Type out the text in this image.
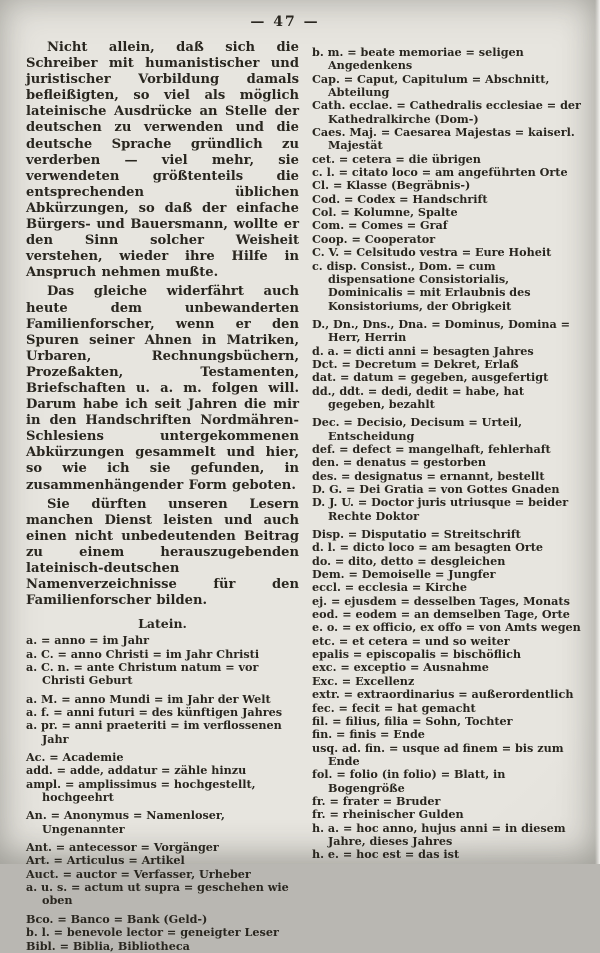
— 47 —

Nicht allein, daß sich die Schreiber mit humanistischer und juristischer Vorbildung damals befleißigten, so viel als möglich lateinische Ausdrücke an Stelle der deutschen zu verwenden und die deutsche Sprache gründlich zu verderben — viel mehr, sie verwendeten größtenteils die entsprechenden üblichen Abkürzungen, so daß der einfache Bürgers- und Bauersmann, wollte er den Sinn solcher Weisheit verstehen, wieder ihre Hilfe in Anspruch nehmen mußte.

Das gleiche widerfährt auch heute dem unbewanderten Familienforscher, wenn er den Spuren seiner Ahnen in Matriken, Urbaren, Rechnungsbüchern, Prozeßakten, Testamenten, Briefschaften u. a. m. folgen will. Darum habe ich seit Jahren die mir in den Handschriften Nordmähren-Schlesiens untergekommenen Abkürzungen gesammelt und hier, so wie ich sie gefunden, in zusammenhängender Form geboten.

Sie dürften unseren Lesern manchen Dienst leisten und auch einen nicht unbedeutenden Beitrag zu einem herauszugebenden lateinisch-deutschen Namenverzeichnisse für den Familienforscher bilden.

Latein.
a. = anno = im Jahr
a. C. = anno Christi = im Jahr Christi
a. C. n. = ante Christum natum = vor Christi Geburt
a. M. = anno Mundi = im Jahr der Welt
a. f. = anni futuri = des künftigen Jahres
a. pr. = anni praeteriti = im verflossenen Jahr
Ac. = Academie
add. = adde, addatur = zähle hinzu
ampl. = amplissimus = hochgestellt, hochgeehrt
An. = Anonymus = Namenloser, Ungenannter
Ant. = antecessor = Vorgänger
Art. = Articulus = Artikel
Auct. = auctor = Verfasser, Urheber
a. u. s. = actum ut supra = geschehen wie oben
Bco. = Banco = Bank (Geld-)
b. l. = benevole lector = geneigter Leser
Bibl. = Biblia, Bibliotheca
b. m. = beate memoriae = seligen Angedenkens
Cap. = Caput, Capitulum = Abschnitt, Abteilung
Cath. ecclae. = Cathedralis ecclesiae = der Kathedralkirche (Dom-)
Caes. Maj. = Caesarea Majestas = kaiserl. Majestät
cet. = cetera = die übrigen
c. l. = citato loco = am angeführten Orte
Cl. = Klasse (Begräbnis-)
Cod. = Codex = Handschrift
Col. = Kolumne, Spalte
Com. = Comes = Graf
Coop. = Cooperator
C. V. = Celsitudo vestra = Eure Hoheit
c. disp. Consist., Dom. = cum dispensatione Consistorialis, Dominicalis = mit Erlaubnis des Konsistoriums, der Obrigkeit
D., Dn., Dns., Dna. = Dominus, Domina = Herr, Herrin
d. a. = dicti anni = besagten Jahres
Dct. = Decretum = Dekret, Erlaß
dat. = datum = gegeben, ausgefertigt
dd., ddt. = dedi, dedit = habe, hat gegeben, bezahlt
Dec. = Decisio, Decisum = Urteil, Entscheidung
def. = defect = mangelhaft, fehlerhaft
den. = denatus = gestorben
des. = designatus = ernannt, bestellt
D. G. = Dei Gratia = von Gottes Gnaden
D. J. U. = Doctor juris utriusque = beider Rechte Doktor
Disp. = Disputatio = Streitschrift
d. l. = dicto loco = am besagten Orte
do. = dito, detto = desgleichen
Dem. = Demoiselle = Jungfer
eccl. = ecclesia = Kirche
ej. = ejusdem = desselben Tages, Monats
eod. = eodem = an demselben Tage, Orte
e. o. = ex officio, ex offo = von Amts wegen
etc. = et cetera = und so weiter
epalis = episcopalis = bischöflich
exc. = exceptio = Ausnahme
Exc. = Excellenz
extr. = extraordinarius = außerordentlich
fec. = fecit = hat gemacht
fil. = filius, filia = Sohn, Tochter
fin. = finis = Ende
usq. ad. fin. = usque ad finem = bis zum Ende
fol. = folio (in folio) = Blatt, in Bogengröße
fr. = frater = Bruder
fr. = rheinischer Gulden
h. a. = hoc anno, hujus anni = in diesem Jahre, dieses Jahres
h. e. = hoc est = das ist
